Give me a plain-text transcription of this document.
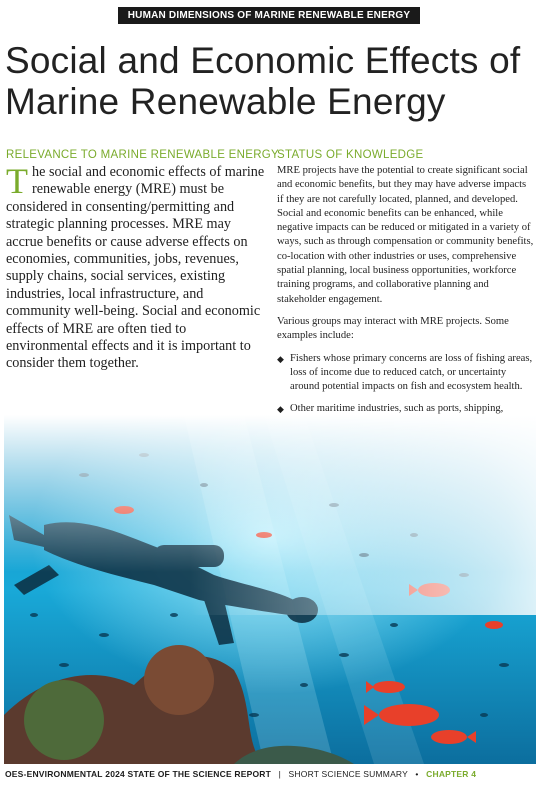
HUMAN DIMENSIONS OF MARINE RENEWABLE ENERGY
Social and Economic Effects of Marine Renewable Energy
RELEVANCE TO MARINE RENEWABLE ENERGY
STATUS OF KNOWLEDGE

The social and economic effects of marine renewable energy (MRE) must be considered in consenting/permitting and strategic planning processes. MRE may accrue benefits or cause adverse effects on economies, communities, jobs, revenues, supply chains, social services, existing industries, local infrastructure, and community well-being. Social and economic effects of MRE are often tied to environmental effects and it is important to consider them together.

MRE projects have the potential to create significant social and economic benefits, but they may have adverse impacts if they are not carefully located, planned, and developed. Social and economic benefits can be enhanced, while negative impacts can be reduced or mitigated in a variety of ways, such as through compensation or community benefits, co-location with other industries or uses, comprehensive spatial planning, local business opportunities, workforce training programs, and collaborative planning and stakeholder engagement.

Various groups may interact with MRE projects. Some examples include:

◆ Fishers whose primary concerns are loss of fishing areas, loss of income due to reduced catch, or uncertainty around potential impacts on fish and ecosystem health.
◆ Other maritime industries, such as ports, shipping,
OES-ENVIRONMENTAL 2024 STATE OF THE SCIENCE REPORT | SHORT SCIENCE SUMMARY • CHAPTER 4
